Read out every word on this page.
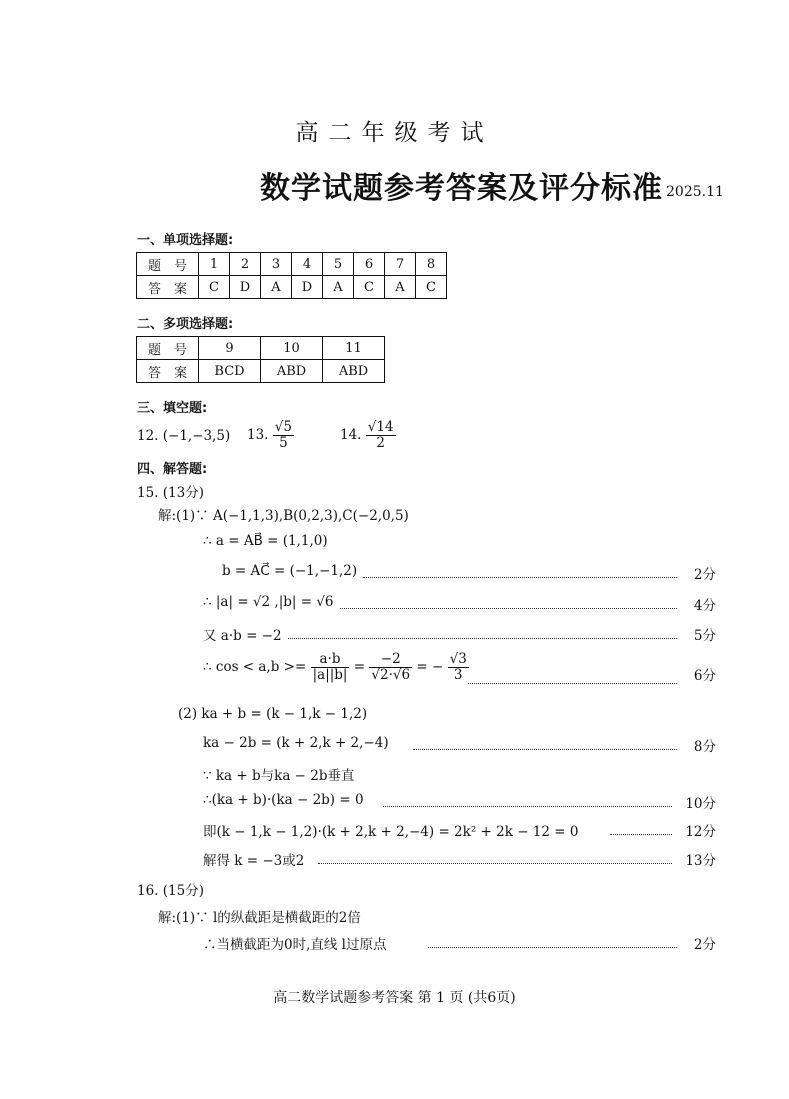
高二年级考试
数学试题参考答案及评分标准 2025.11
一、单项选择题:
题　号	1	2	3	4	5	6	7	8
答　案	C	D	A	D	A	C	A	C
二、多项选择题:
题　号	9	10	11
答　案	BCD	ABD	ABD
三、填空题:
12. (−1,−3,5) 13. $\frac{√5}{5}$	14. $\frac{√14}{2}$
四、解答题:
15. (13分)
解:(1)∵ A(−1,1,3),B(0,2,3),C(−2,0,5)
∴ a = AB⃗ = (1,1,0)
b = AC⃗ = (−1,−1,2)	2分
∴ |a| = √2 ,|b| = √6	4分
又 a·b = −2	5分
∴ $\cos < a,b >= \frac{a\cdot b}{|a||b|} = \frac{-2}{√2\cdot√6}$ = − $\frac{√3}{3}$	6分
(2) ka + b = (k − 1,k − 1,2)
ka − 2b = (k + 2,k + 2,−4)	8分
∵ ka + b与ka − 2b垂直
∴(ka + b)·(ka − 2b) = 0	10分
即(k − 1,k − 1,2)·(k + 2,k + 2,−4) = 2k² + 2k − 12 = 0	12分
解得 k = −3或2	13分
16. (15分)
解:(1)∵ l的纵截距是横截距的2倍
∴当横截距为0时,直线 l过原点	2分
高二数学试题参考答案 第 1 页 (共6页)
